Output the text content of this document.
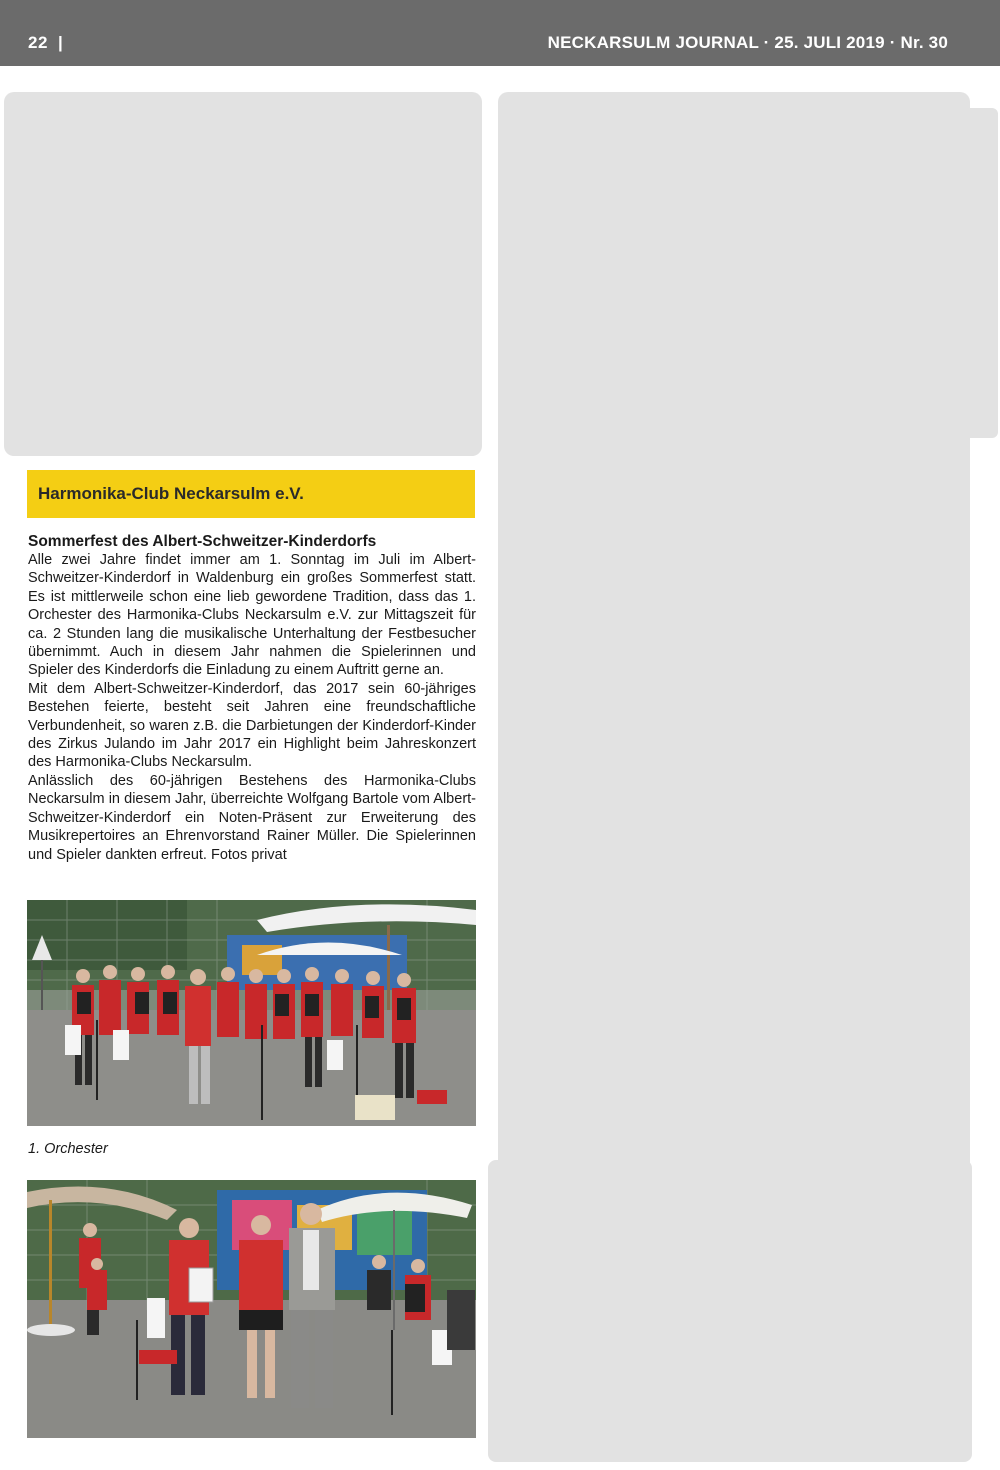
22 |	NECKARSULM JOURNAL · 25. JULI 2019 · Nr. 30
Harmonika-Club Neckarsulm e.V.

Sommerfest des Albert-Schweitzer-Kinderdorfs

Alle zwei Jahre findet immer am 1. Sonntag im Juli im Albert-Schweitzer-Kinderdorf in Waldenburg ein großes Sommerfest statt. Es ist mittlerweile schon eine lieb gewordene Tradition, dass das 1. Orchester des Harmonika-Clubs Neckarsulm e.V. zur Mittagszeit für ca. 2 Stunden lang die musikalische Unterhaltung der Festbesucher übernimmt. Auch in diesem Jahr nahmen die Spielerinnen und Spieler des Kinderdorfs die Einladung zu einem Auftritt gerne an.

Mit dem Albert-Schweitzer-Kinderdorf, das 2017 sein 60-jähriges Bestehen feierte, besteht seit Jahren eine freundschaftliche Verbundenheit, so waren z.B. die Darbietungen der Kinderdorf-Kinder des Zirkus Julando im Jahr 2017 ein Highlight beim Jahreskonzert des Harmonika-Clubs Neckarsulm.

Anlässlich des 60-jährigen Bestehens des Harmonika-Clubs Neckarsulm in diesem Jahr, überreichte Wolfgang Bartole vom Albert-Schweitzer-Kinderdorf ein Noten-Präsent zur Erweiterung des Musikrepertoires an Ehrenvorstand Rainer Müller. Die Spielerinnen und Spieler dankten erfreut. Fotos privat

1. Orchester
